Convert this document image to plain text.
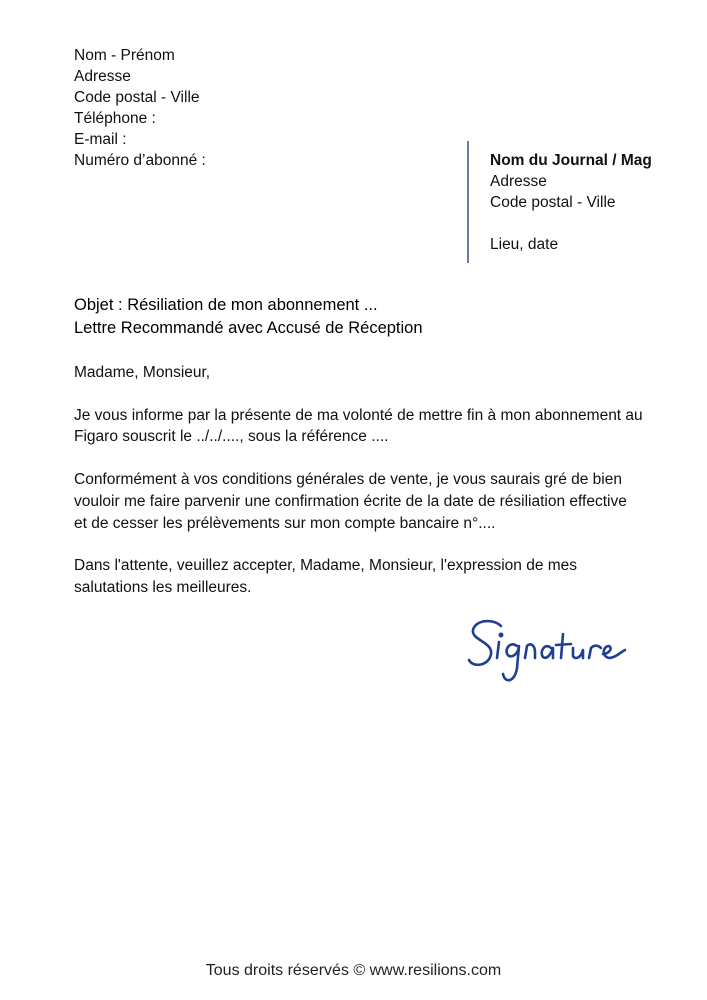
Nom - Prénom
Adresse
Code postal - Ville
Téléphone :
E-mail :
Numéro d’abonné :	Nom du Journal / Mag
Adresse
Code postal - Ville
Lieu, date
Objet : Résiliation de mon abonnement ...
Lettre Recommandé avec Accusé de Réception

Madame, Monsieur,

Je vous informe par la présente de ma volonté de mettre fin à mon abonnement au Figaro souscrit le ../../...., sous la référence ....

Conformément à vos conditions générales de vente, je vous saurais gré de bien vouloir me faire parvenir une confirmation écrite de la date de résiliation effective et de cesser les prélèvements sur mon compte bancaire n°....

Dans l'attente, veuillez accepter, Madame, Monsieur, l'expression de mes salutations les meilleures.

Tous droits réservés © www.resilions.com
